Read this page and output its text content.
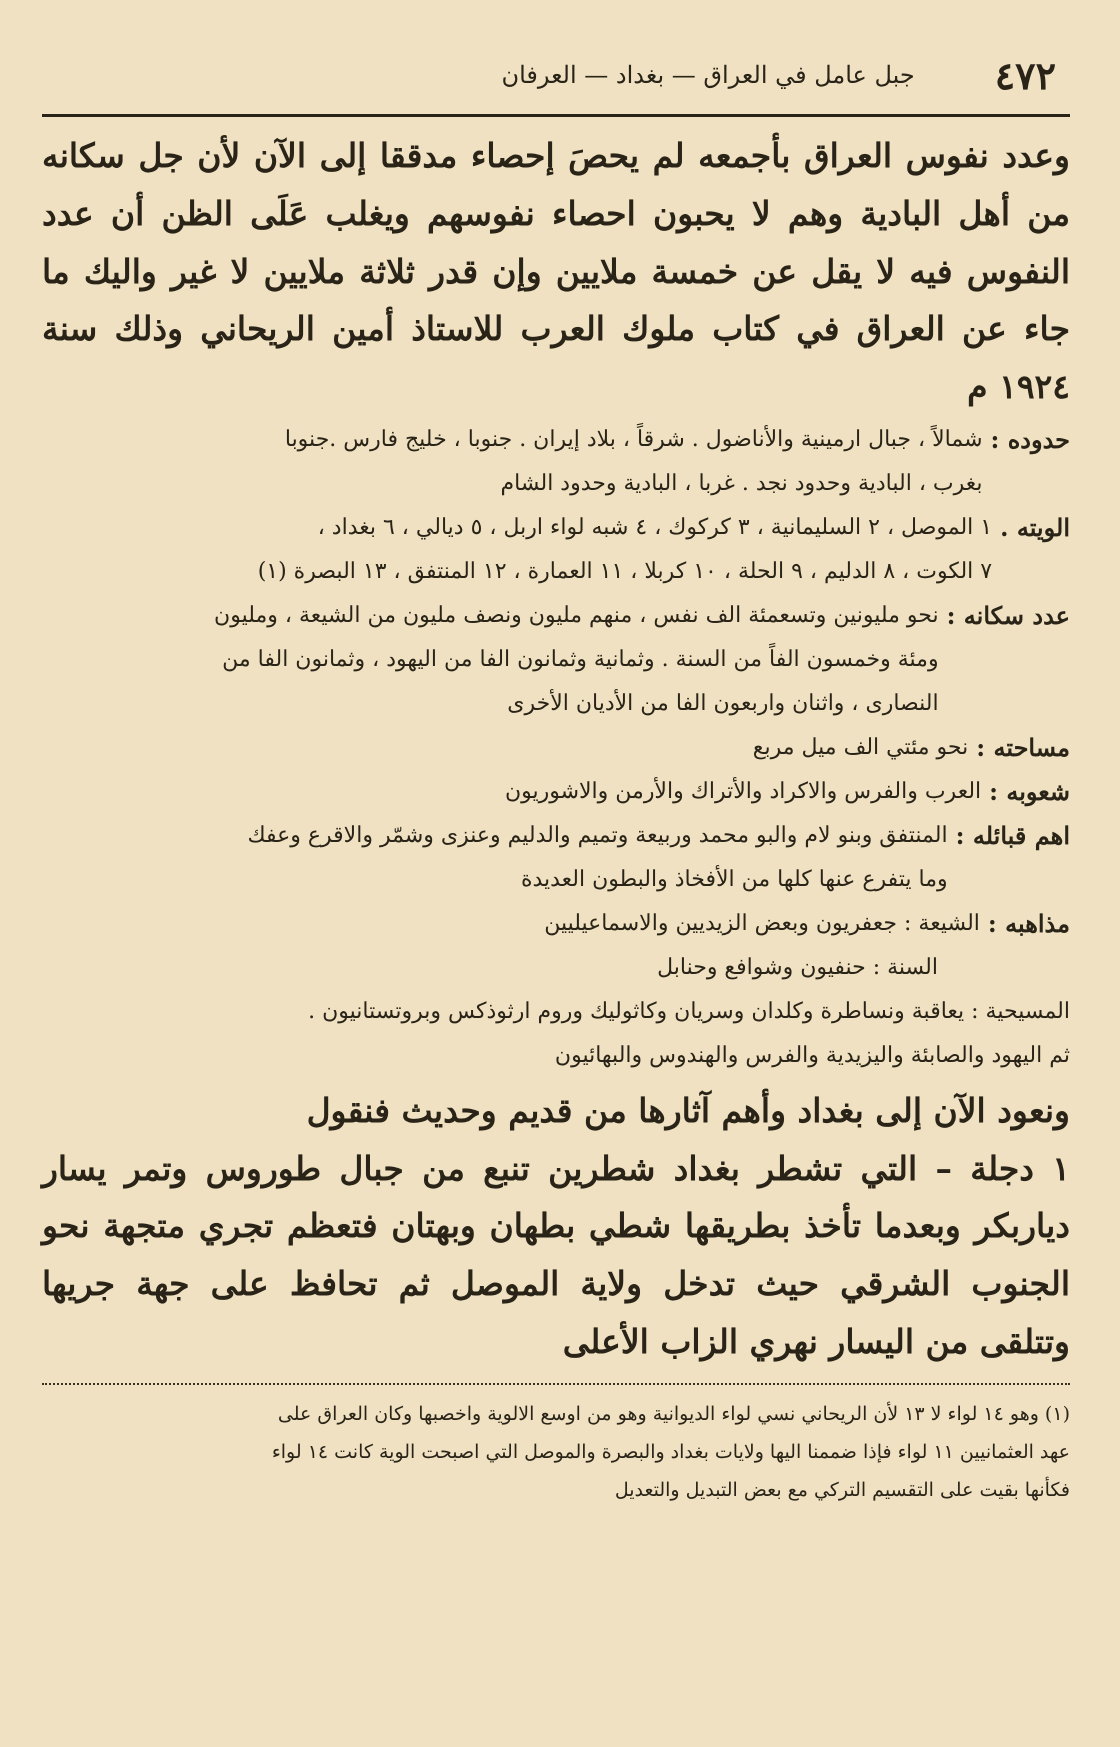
٤٧٢
جبل عامل في العراق — بغداد — العرفان

وعدد نفوس العراق بأجمعه لم يحصَ إحصاء مدققا إلى الآن لأن جل سكانه من أهل البادية وهم لا يحبون احصاء نفوسهم ويغلب عَلَى الظن أن عدد النفوس فيه لا يقل عن خمسة ملايين وإن قدر ثلاثة ملايين لا غير واليك ما جاء عن العراق في كتاب ملوك العرب للاستاذ أمين الريحاني وذلك سنة ١٩٢٤ م

حدوده :
شمالاً ، جبال ارمينية والأناضول . شرقاً ، بلاد إيران . جنوبا ، خليج فارس .جنوبا
بغرب ، البادية وحدود نجد . غربا ، البادية وحدود الشام
الويته .
١ الموصل ، ٢ السليمانية ، ٣ كركوك ، ٤ شبه لواء اربل ، ٥ ديالي ، ٦ بغداد ،
٧ الكوت ، ٨ الدليم ، ٩ الحلة ، ١٠ كربلا ، ١١ العمارة ، ١٢ المنتفق ، ١٣ البصرة (١)
عدد سكانه :
نحو مليونين وتسعمئة الف نفس ، منهم مليون ونصف مليون من الشيعة ، ومليون
ومئة وخمسون الفاً من السنة . وثمانية وثمانون الفا من اليهود ، وثمانون الفا من
النصارى ، واثنان واربعون الفا من الأديان الأخرى
مساحته :
نحو مئتي الف ميل مربع
شعوبه :
العرب والفرس والاكراد والأتراك والأرمن والاشوريون
اهم قبائله :
المنتفق وبنو لام والبو محمد وربيعة وتميم والدليم وعنزى وشمّر والاقرع وعفك
وما يتفرع عنها كلها من الأفخاذ والبطون العديدة
مذاهبه :
الشيعة : جعفريون وبعض الزيديين والاسماعيليين
السنة : حنفيون وشوافع وحنابل
المسيحية : يعاقبة ونساطرة وكلدان وسريان وكاثوليك وروم ارثوذكس وبروتستانيون .
ثم اليهود والصابئة واليزيدية والفرس والهندوس والبهائيون

ونعود الآن إلى بغداد وأهم آثارها من قديم وحديث فنقول

١ دجلة – التي تشطر بغداد شطرين تنبع من جبال طوروس وتمر يسار دياربكر وبعدما تأخذ بطريقها شطي بطهان وبهتان فتعظم تجري متجهة نحو الجنوب الشرقي حيث تدخل ولاية الموصل ثم تحافظ على جهة جريها وتتلقى من اليسار نهري الزاب الأعلى

(١) وهو ١٤ لواء لا ١٣ لأن الريحاني نسي لواء الديوانية وهو من اوسع الالوية واخصبها وكان العراق على
عهد العثمانيين ١١ لواء فإذا ضممنا اليها ولايات بغداد والبصرة والموصل التي اصبحت الوية كانت ١٤ لواء
فكأنها بقيت على التقسيم التركي مع بعض التبديل والتعديل
